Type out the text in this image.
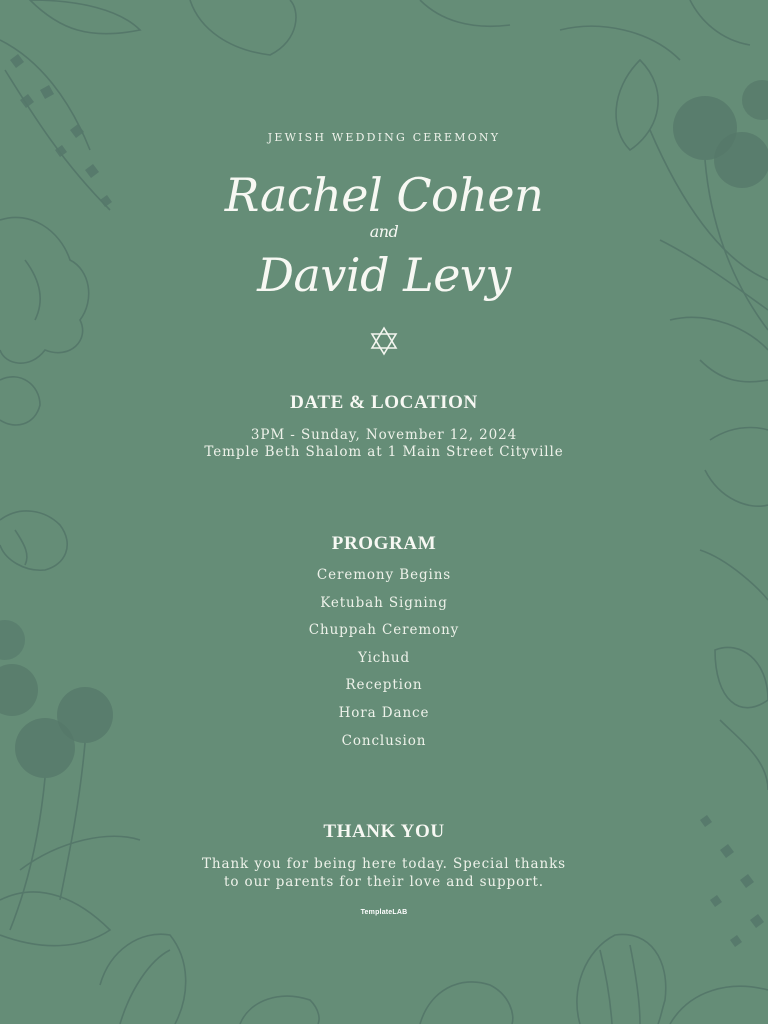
JEWISH WEDDING CEREMONY
Rachel Cohen
and
David Levy
DATE & LOCATION
3PM - Sunday, November 12, 2024
Temple Beth Shalom at 1 Main Street Cityville
PROGRAM
Ceremony Begins
Ketubah Signing
Chuppah Ceremony
Yichud
Reception
Hora Dance
Conclusion
THANK YOU
Thank you for being here today. Special thanks
to our parents for their love and support.
TemplateLAB
